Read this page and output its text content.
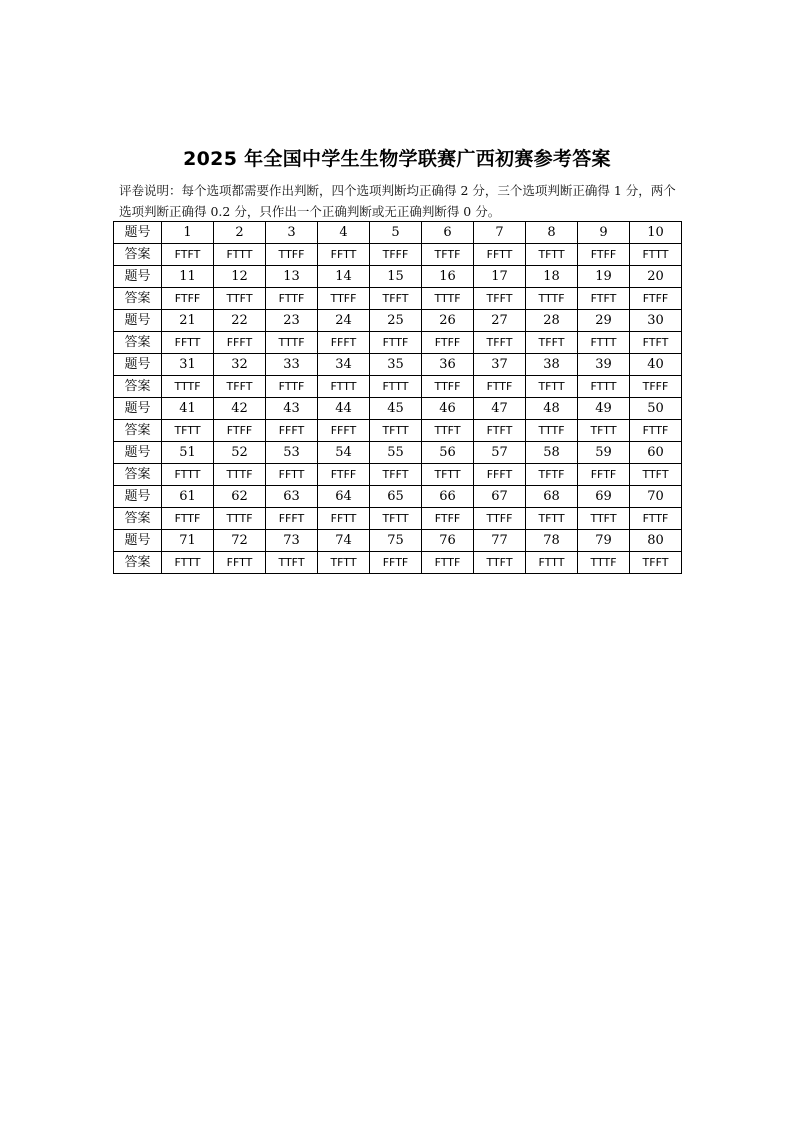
2025 年全国中学生生物学联赛广西初赛参考答案
评卷说明：每个选项都需要作出判断，四个选项判断均正确得 2 分，三个选项判断正确得 1 分，两个选项判断正确得 0.2 分，只作出一个正确判断或无正确判断得 0 分。
题号	1	2	3	4	5	6	7	8	9	10
答案	FTFT	FTTT	TTFF	FFTT	TFFF	TFTF	FFTT	TFTT	FTFF	FTTT
题号	11	12	13	14	15	16	17	18	19	20
答案	FTFF	TTFT	FTTF	TTFF	TFFT	TTTF	TFFT	TTTF	FTFT	FTFF
题号	21	22	23	24	25	26	27	28	29	30
答案	FFTT	FFFT	TTTF	FFFT	FTTF	FTFF	TFFT	TFFT	FTTT	FTFT
题号	31	32	33	34	35	36	37	38	39	40
答案	TTTF	TFFT	FTTF	FTTT	FTTT	TTFF	FTTF	TFTT	FTTT	TFFF
题号	41	42	43	44	45	46	47	48	49	50
答案	TFTT	FTFF	FFFT	FFFT	TFTT	TTFT	FTFT	TTTF	TFTT	FTTF
题号	51	52	53	54	55	56	57	58	59	60
答案	FTTT	TTTF	FFTT	FTFF	TFFT	TFTT	FFFT	TFTF	FFTF	TTFT
题号	61	62	63	64	65	66	67	68	69	70
答案	FTTF	TTTF	FFFT	FFTT	TFTT	FTFF	TTFF	TFTT	TTFT	FTTF
题号	71	72	73	74	75	76	77	78	79	80
答案	FTTT	FFTT	TTFT	TFTT	FFTF	FTTF	TTFT	FTTT	TTTF	TFFT
